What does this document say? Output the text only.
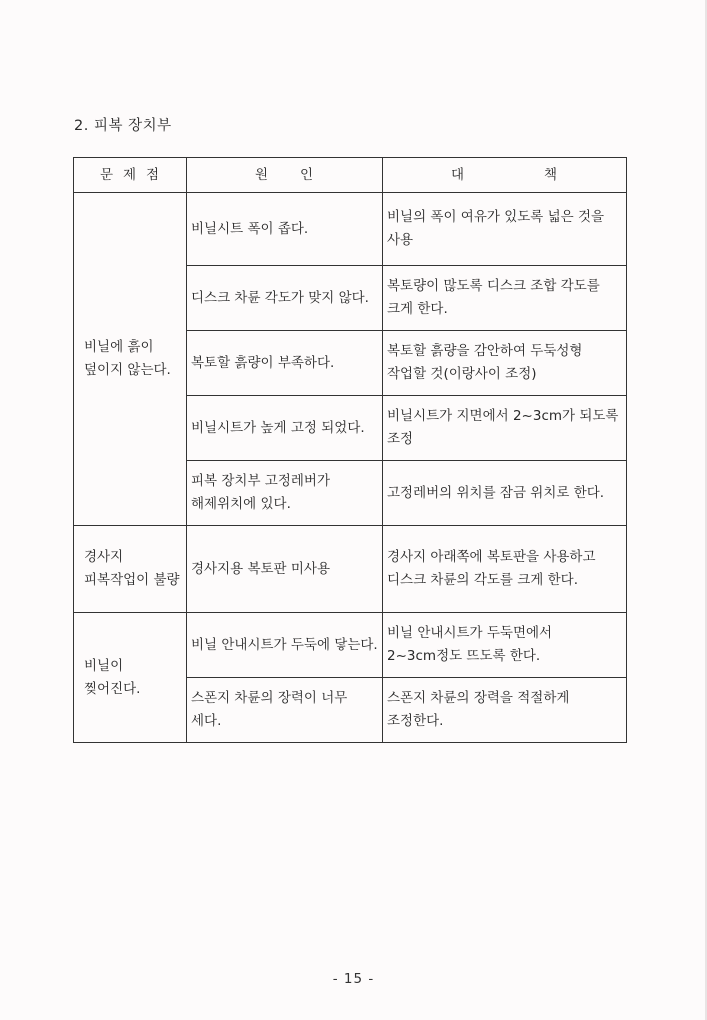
2. 피복 장치부
문 제 점	원 인	대 책

비닐에 흙이 덮이지 않는다.	비닐시트 폭이 좁다.	비닐의 폭이 여유가 있도록 넓은 것을 사용
	디스크 차륜 각도가 맞지 않다.	복토량이 많도록 디스크 조합 각도를 크게 한다.
	복토할 흙량이 부족하다.	복토할 흙량을 감안하여 두둑성형 작업할 것(이랑사이 조정)
	비닐시트가 높게 고정 되었다.	비닐시트가 지면에서 2~3cm가 되도록 조정
	피복 장치부 고정레버가 해제위치에 있다.	고정레버의 위치를 잠금 위치로 한다.
경사지 피복작업이 불량	경사지용 복토판 미사용	경사지 아래쪽에 복토판을 사용하고 디스크 차륜의 각도를 크게 한다.
비닐이 찢어진다.	비닐 안내시트가 두둑에 닿는다.	비닐 안내시트가 두둑면에서 2~3cm정도 뜨도록 한다.
	스폰지 차륜의 장력이 너무 세다.	스폰지 차륜의 장력을 적절하게 조정한다.
- 15 -
